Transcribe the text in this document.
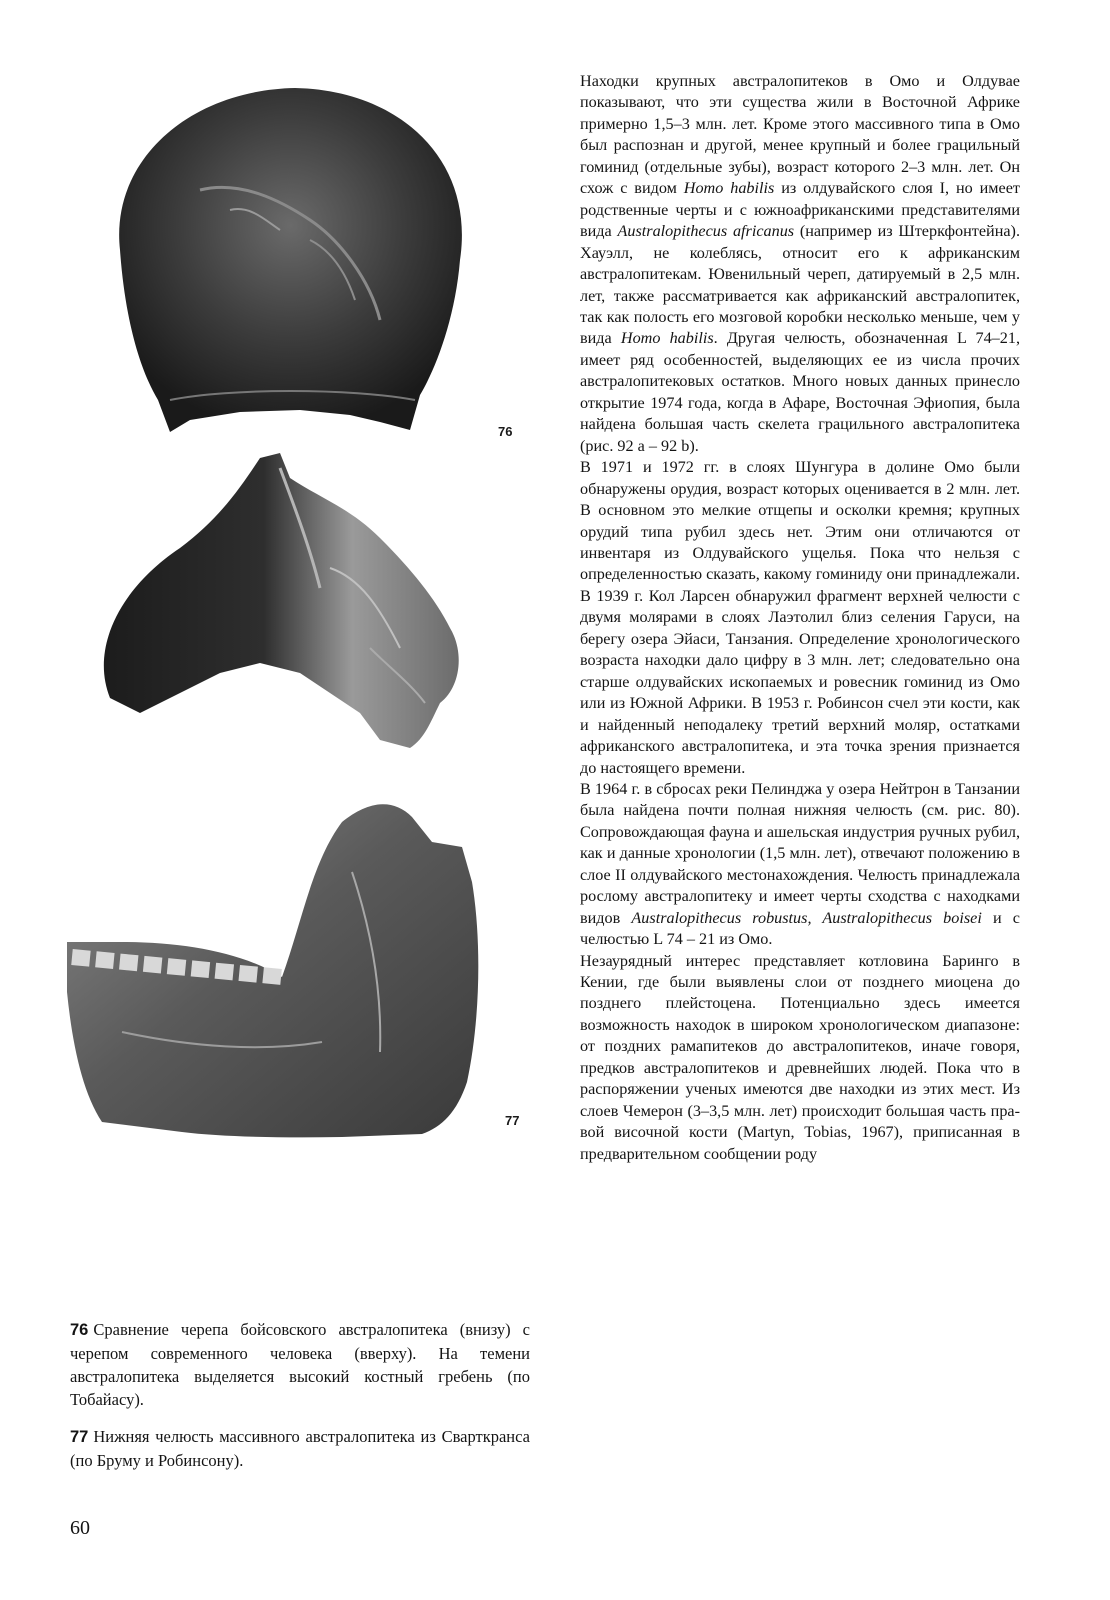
76
77

76 Сравнение черепа бойсовского австралопитека (внизу) с черепом современного человека (вверху). На темени австралопитека выделяется высокий костный гребень (по Тобайасу).

77 Нижняя челюсть массивного австралопитека из Сварткранса (по Бруму и Робинсону).

60

Находки крупных австралопитеков в Омо и Олдувае показывают, что эти существа жили в Восточной Африке примерно 1,5–3 млн. лет. Кроме этого массивного типа в Омо был распознан и другой, менее крупный и более грацильный гоминид (отдельные зубы), возраст которого 2–3 млн. лет. Он схож с видом Homo habilis из олдувайского слоя I, но имеет родственные черты и с южноафриканскими представителями вида Australopithecus africanus (например из Штеркфонтейна). Хауэлл, не колеблясь, относит его к африканским австралопитекам. Ювенильный череп, датируемый в 2,5 млн. лет, также рассматривается как африканский австралопитек, так как полость его мозговой коробки несколько меньше, чем у вида Homo habilis. Другая челюсть, обозначенная L 74–21, имеет ряд особенностей, выделяющих ее из числа прочих австралопитековых остатков. Много новых данных принесло открытие 1974 года, когда в Афаре, Восточная Эфиопия, была найдена большая часть скелета грацильного австралопитека (рис. 92 а – 92 b).

В 1971 и 1972 гг. в слоях Шунгура в долине Омо были обнаружены орудия, возраст которых оценивается в 2 млн. лет. В основном это мелкие отщепы и осколки кремня; крупных орудий типа рубил здесь нет. Этим они отличаются от инвентаря из Олдувайского ущелья. Пока что нельзя с определенностью сказать, какому гоминиду они принадлежали.

В 1939 г. Кол Ларсен обнаружил фрагмент верхней челюсти с двумя молярами в слоях Лаэтолил близ селения Гаруси, на берегу озера Эйаси, Танзания. Определение хронологического возраста находки дало цифру в 3 млн. лет; следовательно она старше олдувайских ископаемых и ровесник гоминид из Омо или из Южной Африки. В 1953 г. Робинсон счел эти кости, как и найденный неподалеку третий верхний моляр, остатками африканского австралопитека, и эта точка зрения признается до настоящего времени.

В 1964 г. в сбросах реки Пелинджа у озера Нейтрон в Танзании была найдена почти полная нижняя челюсть (см. рис. 80). Сопровождающая фауна и ашельская индустрия ручных рубил, как и данные хронологии (1,5 млн. лет), отвечают положению в слое II олдувайского местонахождения. Челюсть принадлежала рослому австралопитеку и имеет черты сходства с находками видов Australopithecus robustus, Australopithecus boisei и с челюстью L 74 – 21 из Омо.

Незаурядный интерес представляет котловина Баринго в Кении, где были выявлены слои от позднего миоцена до позднего плейстоцена. Потенциально здесь имеется возможность находок в широком хронологическом диапазоне: от поздних рамапитеков до австралопитеков, иначе говоря, предков австралопитеков и древнейших людей. Пока что в распоряжении ученых имеются две находки из этих мест. Из слоев Чемерон (3–3,5 млн. лет) происходит большая часть правой височной кости (Martyn, Tobias, 1967), приписанная в предварительном сообщении роду
